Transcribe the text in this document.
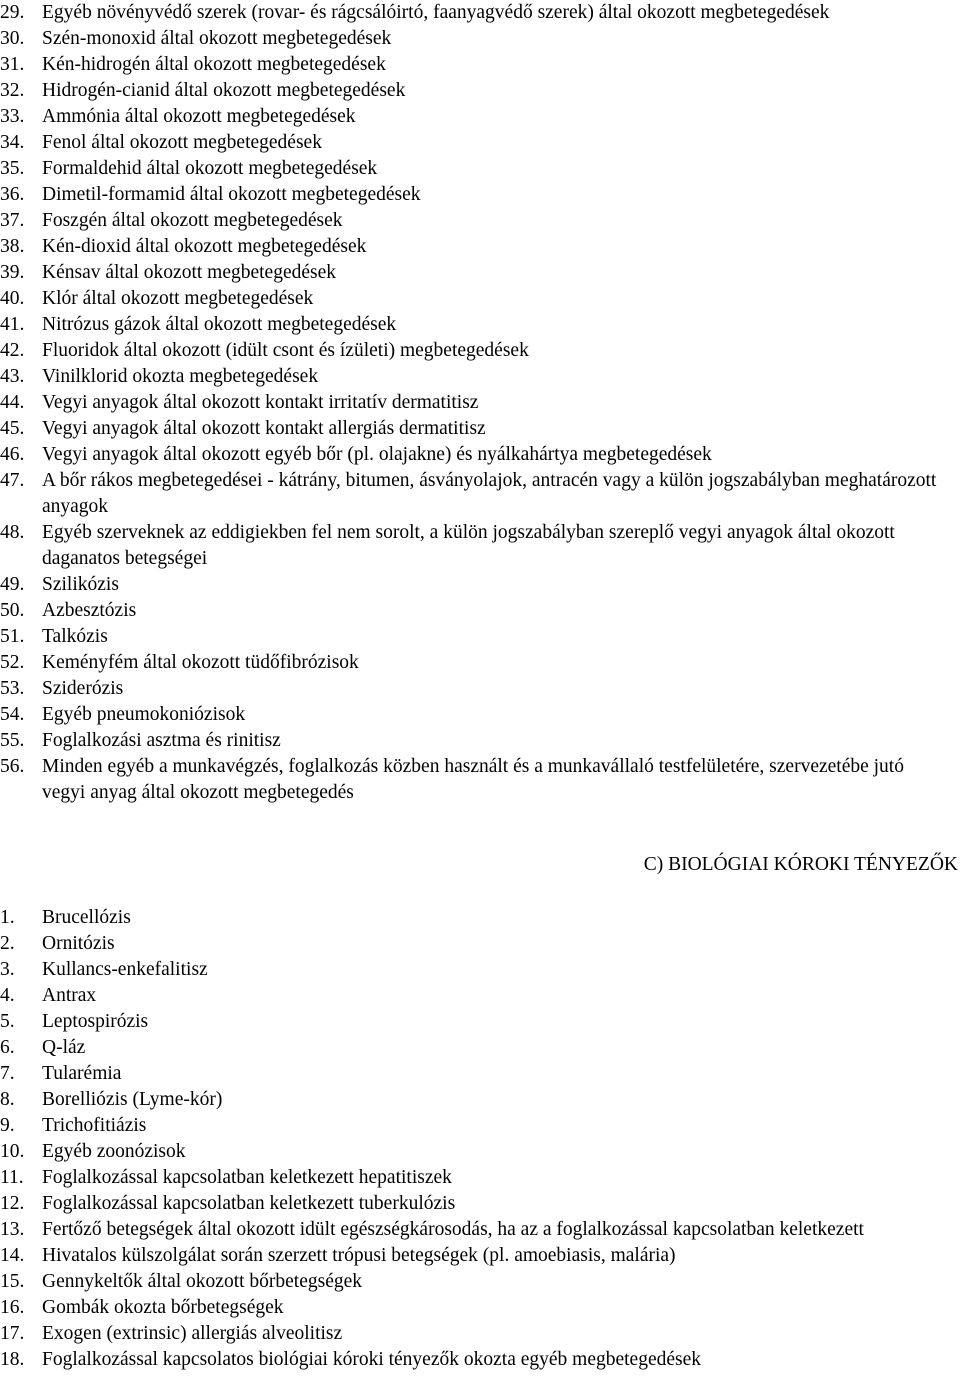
29. Egyéb növényvédő szerek (rovar- és rágcsálóirtó, faanyagvédő szerek) által okozott megbetegedések
30. Szén-monoxid által okozott megbetegedések
31. Kén-hidrogén által okozott megbetegedések
32. Hidrogén-cianid által okozott megbetegedések
33. Ammónia által okozott megbetegedések
34. Fenol által okozott megbetegedések
35. Formaldehid által okozott megbetegedések
36. Dimetil-formamid által okozott megbetegedések
37. Foszgén által okozott megbetegedések
38. Kén-dioxid által okozott megbetegedések
39. Kénsav által okozott megbetegedések
40. Klór által okozott megbetegedések
41. Nitrózus gázok által okozott megbetegedések
42. Fluoridok által okozott (idült csont és ízületi) megbetegedések
43. Vinilklorid okozta megbetegedések
44. Vegyi anyagok által okozott kontakt irritatív dermatitisz
45. Vegyi anyagok által okozott kontakt allergiás dermatitisz
46. Vegyi anyagok által okozott egyéb bőr (pl. olajakne) és nyálkahártya megbetegedések
47. A bőr rákos megbetegedései - kátrány, bitumen, ásványolajok, antracén vagy a külön jogszabályban meghatározott anyagok
48. Egyéb szerveknek az eddigiekben fel nem sorolt, a külön jogszabályban szereplő vegyi anyagok által okozott daganatos betegségei
49. Szilikózis
50. Azbesztózis
51. Talkózis
52. Keményfém által okozott tüdőfibrózisok
53. Sziderózis
54. Egyéb pneumokoniózisok
55. Foglalkozási asztma és rinitisz
56. Minden egyéb a munkavégzés, foglalkozás közben használt és a munkavállaló testfelületére, szervezetébe jutó vegyi anyag által okozott megbetegedés
C) BIOLÓGIAI KÓROKI TÉNYEZŐK
1.	Brucellózis
2.	Ornitózis
3.	Kullancs-enkefalitisz
4.	Antrax
5.	Leptospirózis
6.	Q-láz
7.	Tularémia
8.	Borelliózis (Lyme-kór)
9.	Trichofitiázis
10. Egyéb zoonózisok
11. Foglalkozással kapcsolatban keletkezett hepatitiszek
12. Foglalkozással kapcsolatban keletkezett tuberkulózis
13. Fertőző betegségek által okozott idült egészségkárosodás, ha az a foglalkozással kapcsolatban keletkezett
14. Hivatalos külszolgálat során szerzett trópusi betegségek (pl. amoebiasis, malária)
15. Gennykeltők által okozott bőrbetegségek
16. Gombák okozta bőrbetegségek
17. Exogen (extrinsic) allergiás alveolitisz
18. Foglalkozással kapcsolatos biológiai kóroki tényezők okozta egyéb megbetegedések
